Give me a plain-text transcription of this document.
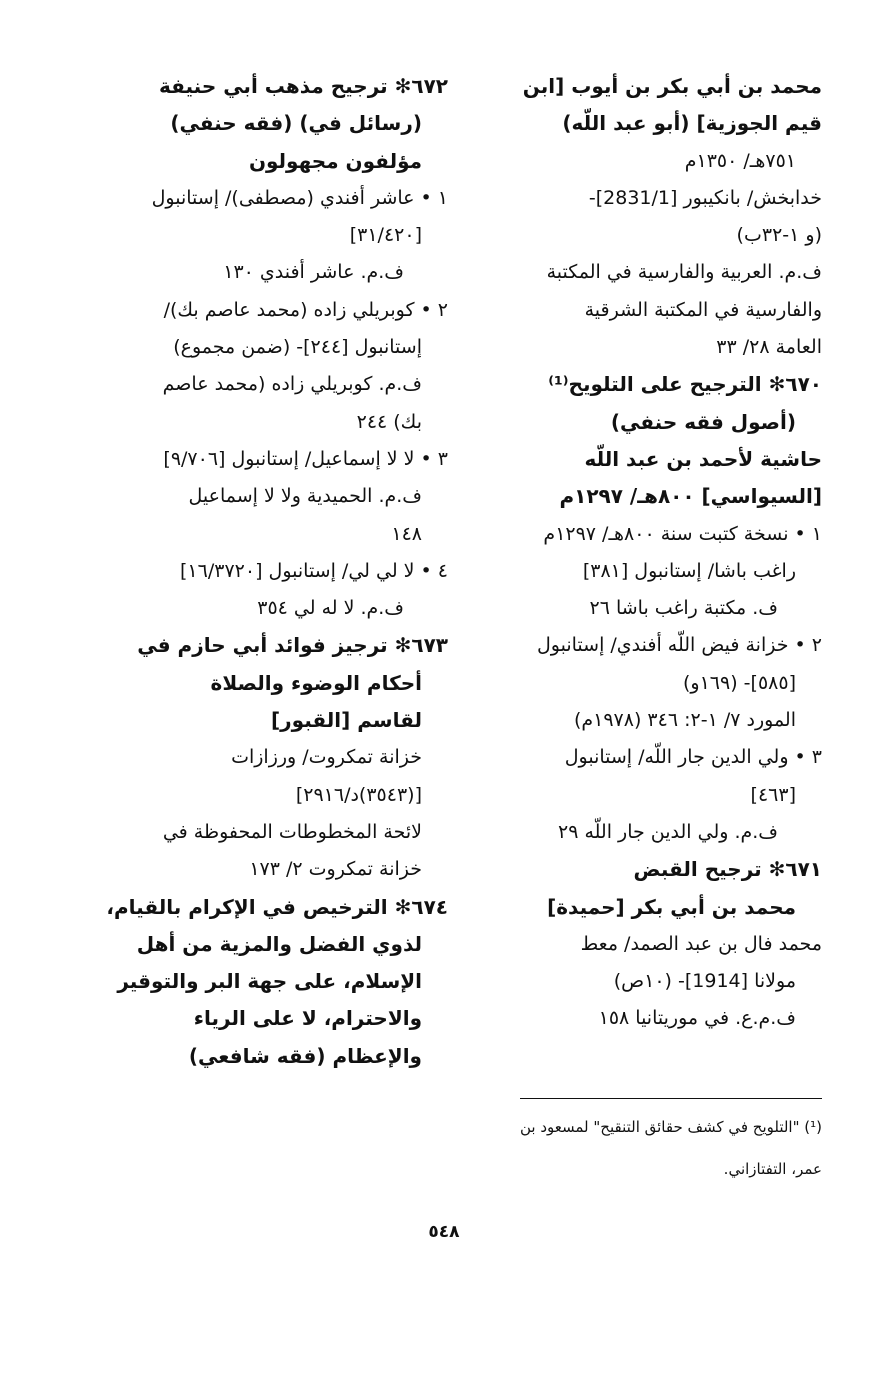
محمد بن أبي بكر بن أيوب [ابن
قيم الجوزية] (أبو عبد اللّه)
٧٥١هـ/ ١٣٥٠م
خدابخش/ بانكيبور [2831/1]-
(و ١-٣٢ب)
ف.م. العربية والفارسية في المكتبة
والفارسية في المكتبة الشرقية
العامة ٢٨/ ٣٣
٦٧٠✻ الترجيح على التلويح⁽¹⁾
(أصول فقه حنفي)
حاشية لأحمد بن عبد اللّه
[السيواسي] ٨٠٠هـ/ ١٢٩٧م
١ • نسخة كتبت سنة ٨٠٠هـ/ ١٢٩٧م
راغب باشا/ إستانبول [٣٨١]
ف. مكتبة راغب باشا ٢٦
٢ • خزانة فيض اللّه أفندي/ إستانبول
[٥٨٥]- (١٦٩و)
المورد ٧/ ١-٢: ٣٤٦ (١٩٧٨م)
٣ • ولي الدين جار اللّه/ إستانبول
[٤٦٣]
ف.م. ولي الدين جار اللّه ٢٩
٦٧١✻ ترجيح القبض
محمد بن أبي بكر [حميدة]
محمد فال بن عبد الصمد/ معط
مولانا [1914]- (١٠ص)
ف.م.ع. في موريتانيا ١٥٨
٦٧٢✻ ترجيح مذهب أبي حنيفة
(رسائل في) (فقه حنفي)
مؤلفون مجهولون
١ • عاشر أفندي (مصطفى)/ إستانبول
[٣١/٤٢٠]
ف.م. عاشر أفندي ١٣٠
٢ • كوبريلي زاده (محمد عاصم بك)/
إستانبول [٢٤٤]- (ضمن مجموع)
ف.م. كوبريلي زاده (محمد عاصم
بك) ٢٤٤
٣ • لا لا إسماعيل/ إستانبول [٩/٧٠٦]
ف.م. الحميدية ولا لا إسماعيل
١٤٨
٤ • لا لي لي/ إستانبول [١٦/٣٧٢٠]
ف.م. لا له لي ٣٥٤
٦٧٣✻ ترجيز فوائد أبي حازم في
أحكام الوضوء والصلاة
لقاسم [القبور]
خزانة تمكروت/ ورزازات
[(٣٥٤٣)د/٢٩١٦]
لائحة المخطوطات المحفوظة في
خزانة تمكروت ٢/ ١٧٣
٦٧٤✻ الترخيص في الإكرام بالقيام،
لذوي الفضل والمزية من أهل
الإسلام، على جهة البر والتوقير
والاحترام، لا على الرياء
والإعظام (فقه شافعي)
(¹) "التلويح في كشف حقائق التنقيح" لمسعود بن
عمر، التفتازاني.
٥٤٨
